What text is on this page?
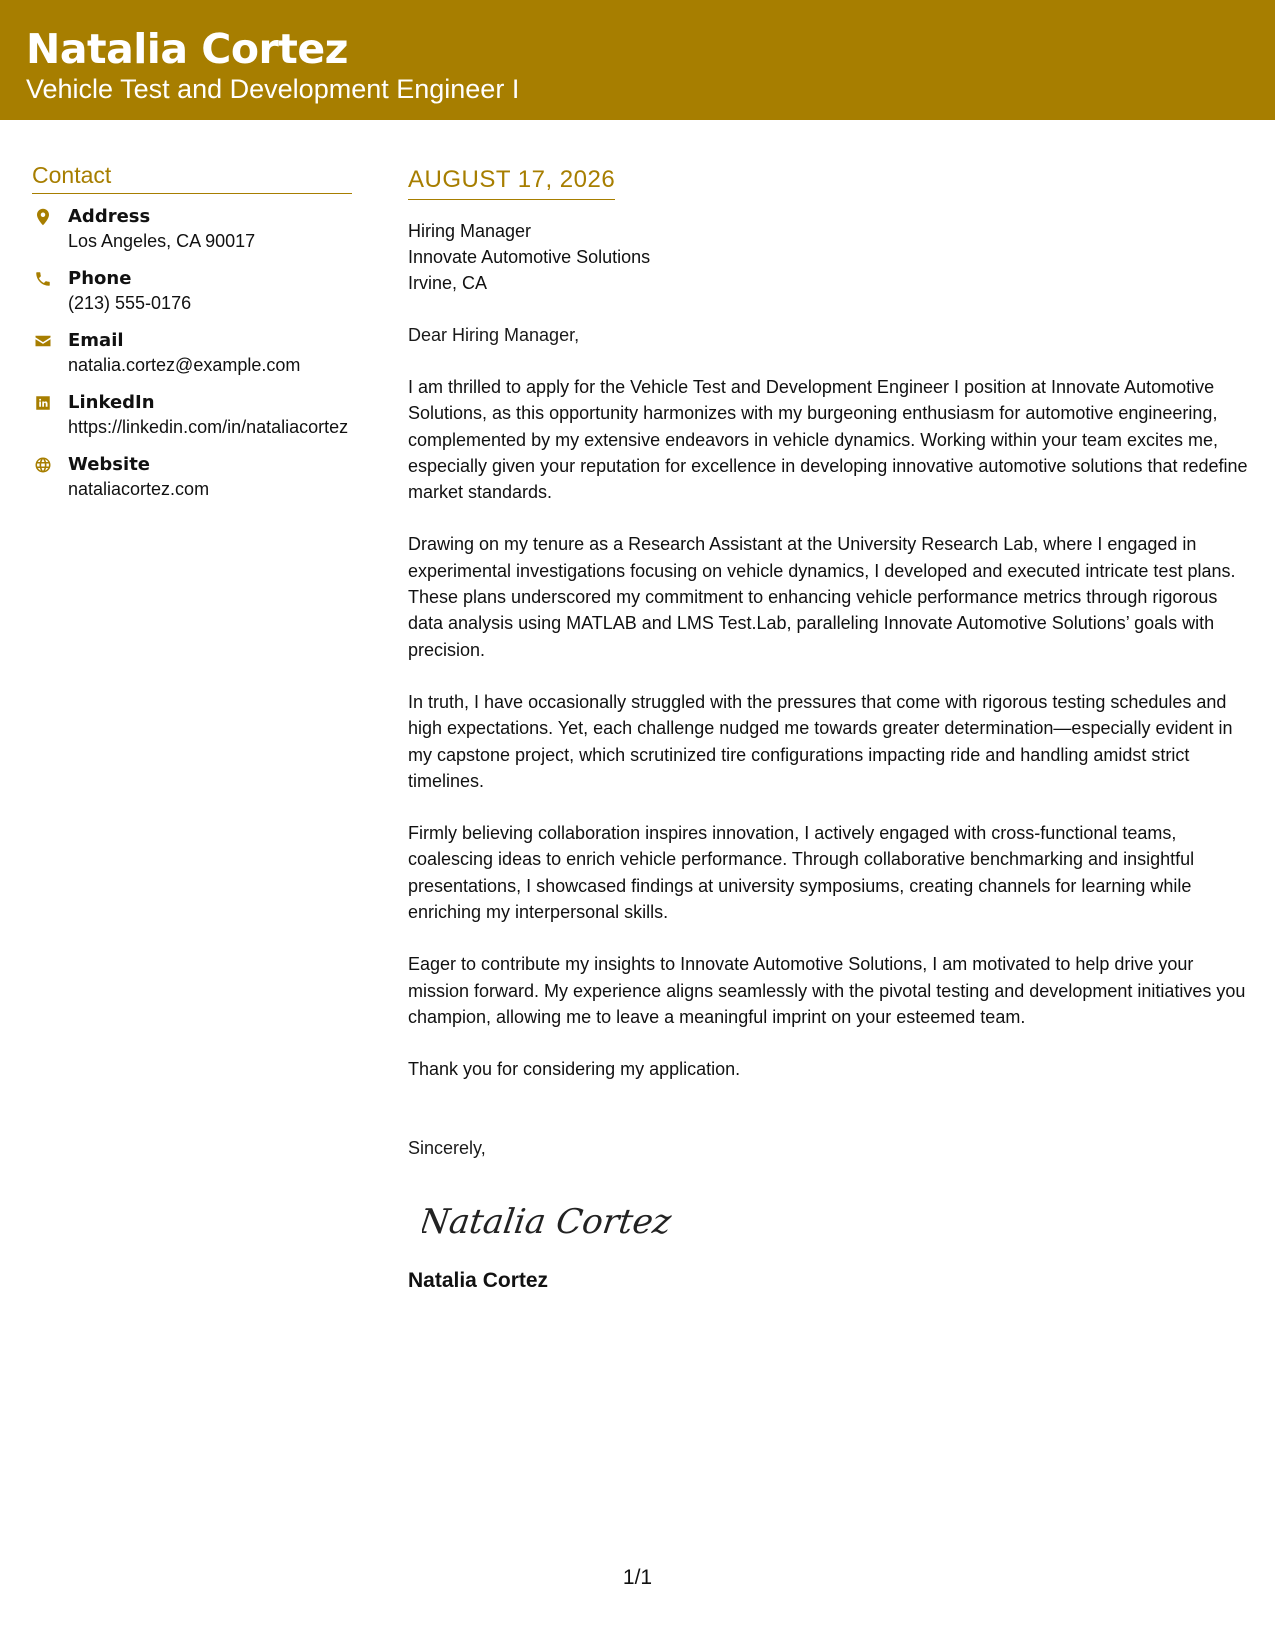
Natalia Cortez
Vehicle Test and Development Engineer I
Contact
Address
Los Angeles, CA 90017
Phone
(213) 555-0176
Email
natalia.cortez@example.com
LinkedIn
https://linkedin.com/in/nataliacortez
Website
nataliacortez.com
AUGUST 17, 2026
Hiring Manager
Innovate Automotive Solutions
Irvine, CA
Dear Hiring Manager,

I am thrilled to apply for the Vehicle Test and Development Engineer I position at Innovate Automotive Solutions, as this opportunity harmonizes with my burgeoning enthusiasm for automotive engineering, complemented by my extensive endeavors in vehicle dynamics. Working within your team excites me, especially given your reputation for excellence in developing innovative automotive solutions that redefine market standards.

Drawing on my tenure as a Research Assistant at the University Research Lab, where I engaged in experimental investigations focusing on vehicle dynamics, I developed and executed intricate test plans. These plans underscored my commitment to enhancing vehicle performance metrics through rigorous data analysis using MATLAB and LMS Test.Lab, paralleling Innovate Automotive Solutions’ goals with precision.

In truth, I have occasionally struggled with the pressures that come with rigorous testing schedules and high expectations. Yet, each challenge nudged me towards greater determination—especially evident in my capstone project, which scrutinized tire configurations impacting ride and handling amidst strict timelines.

Firmly believing collaboration inspires innovation, I actively engaged with cross-functional teams, coalescing ideas to enrich vehicle performance. Through collaborative benchmarking and insightful presentations, I showcased findings at university symposiums, creating channels for learning while enriching my interpersonal skills.

Eager to contribute my insights to Innovate Automotive Solutions, I am motivated to help drive your mission forward. My experience aligns seamlessly with the pivotal testing and development initiatives you champion, allowing me to leave a meaningful imprint on your esteemed team.

Thank you for considering my application.

Sincerely,
Natalia Cortez
Natalia Cortez
1/1
